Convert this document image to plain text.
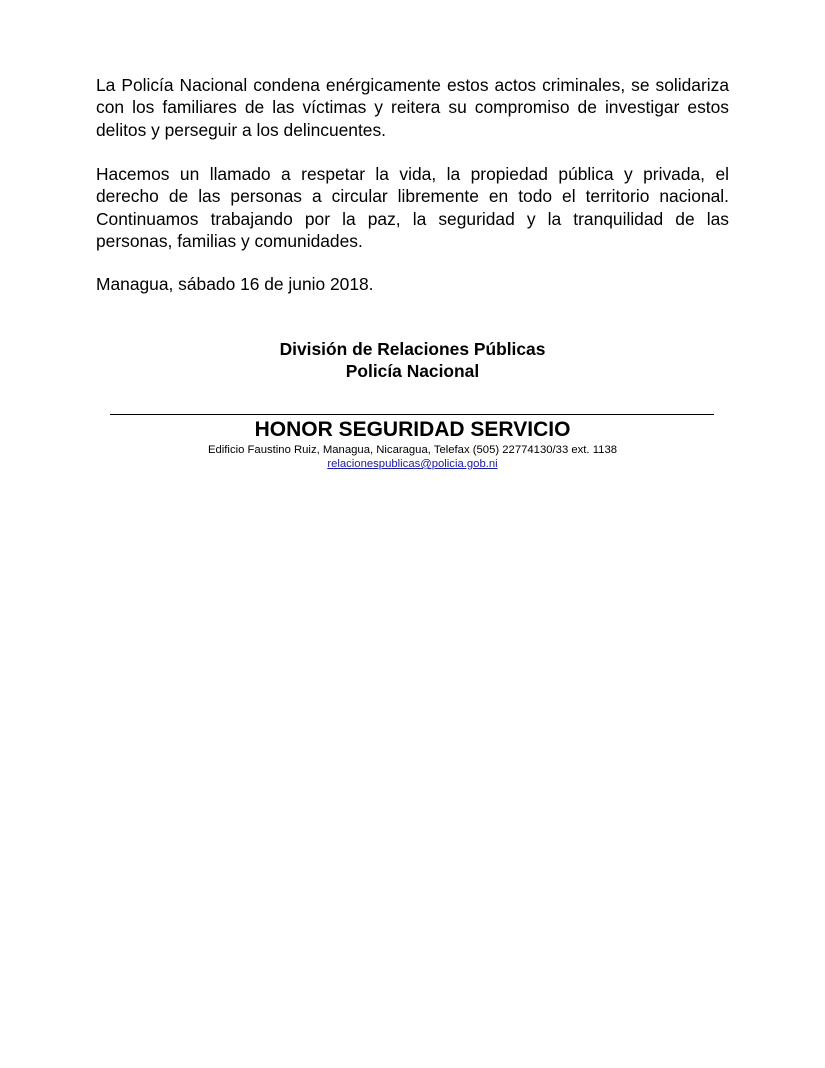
La Policía Nacional condena enérgicamente estos actos criminales, se solidariza con los familiares de las víctimas y reitera su compromiso de investigar estos delitos y perseguir a los delincuentes.

Hacemos un llamado a respetar la vida, la propiedad pública y privada, el derecho de las personas a circular libremente en todo el territorio nacional. Continuamos trabajando por la paz, la seguridad y la tranquilidad de las personas, familias y comunidades.

Managua, sábado 16 de junio 2018.

División de Relaciones Públicas
Policía Nacional
HONOR SEGURIDAD SERVICIO
Edificio Faustino Ruiz, Managua, Nicaragua, Telefax (505) 22774130/33 ext. 1138
relacionespublicas@policia.gob.ni
